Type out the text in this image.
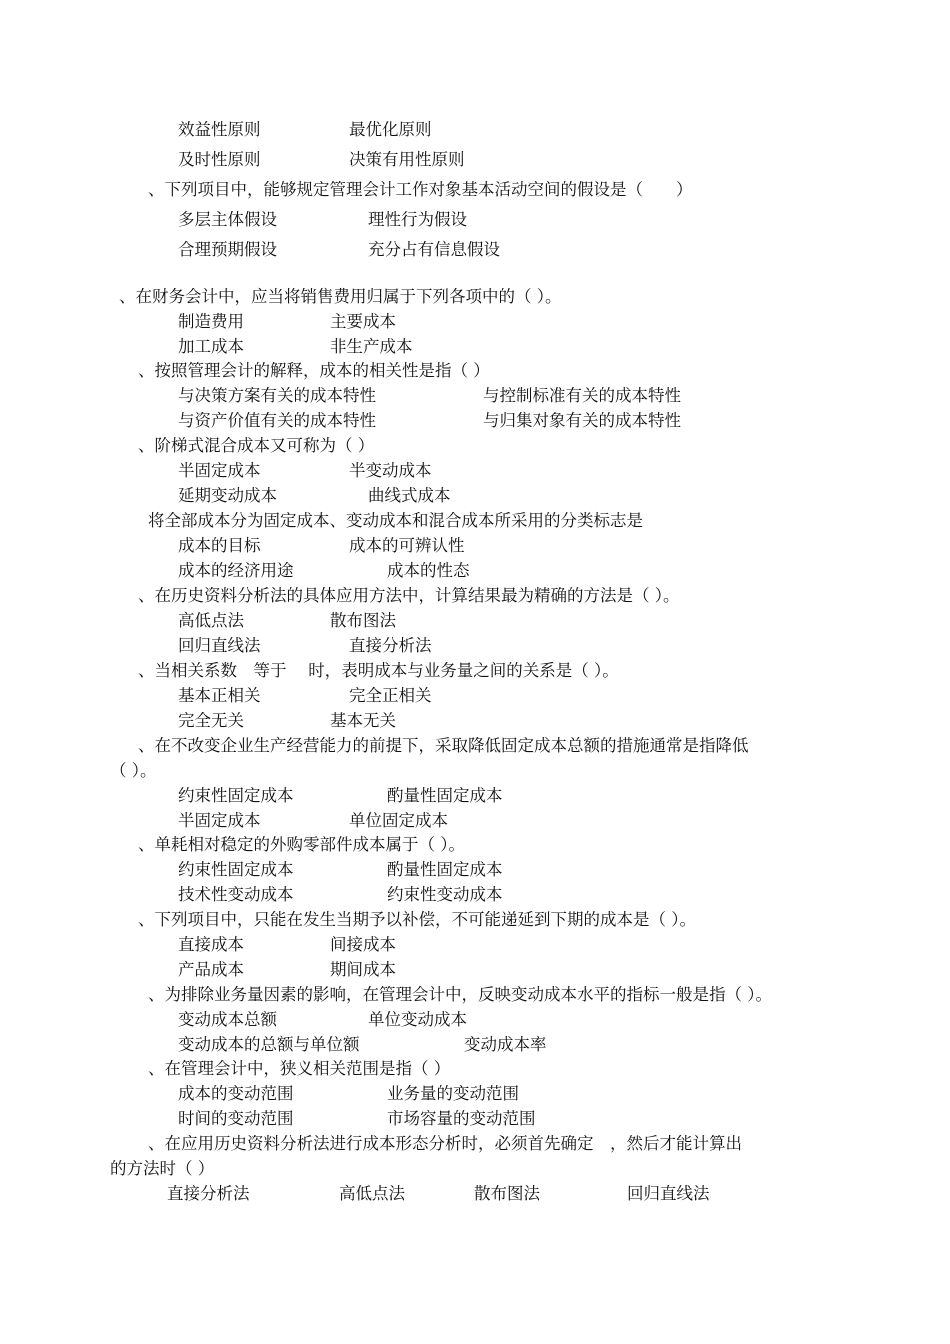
效益性原则	最优化原则
及时性原则	决策有用性原则
、下列项目中，能够规定管理会计工作对象基本活动空间的假设是（　　）
多层主体假设	理性行为假设
合理预期假设	充分占有信息假设
、在财务会计中，应当将销售费用归属于下列各项中的（ ）。
制造费用	主要成本
加工成本	非生产成本
、按照管理会计的解释，成本的相关性是指（ ）
与决策方案有关的成本特性	与控制标准有关的成本特性
与资产价值有关的成本特性	与归集对象有关的成本特性
、阶梯式混合成本又可称为（ ）
半固定成本	半变动成本
延期变动成本	曲线式成本
将全部成本分为固定成本、变动成本和混合成本所采用的分类标志是
成本的目标	成本的可辨认性
成本的经济用途	成本的性态
、在历史资料分析法的具体应用方法中，计算结果最为精确的方法是（ ）。
高低点法	散布图法
回归直线法	直接分析法
、当相关系数　等于　 时，表明成本与业务量之间的关系是（ ）。
基本正相关	完全正相关
完全无关	基本无关
、在不改变企业生产经营能力的前提下，采取降低固定成本总额的措施通常是指降低
（ ）。
约束性固定成本	酌量性固定成本
半固定成本	单位固定成本
、单耗相对稳定的外购零部件成本属于（ ）。
约束性固定成本	酌量性固定成本
技术性变动成本	约束性变动成本
、下列项目中，只能在发生当期予以补偿，不可能递延到下期的成本是（ ）。
直接成本	间接成本
产品成本	期间成本
、为排除业务量因素的影响，在管理会计中，反映变动成本水平的指标一般是指（ ）。
变动成本总额	单位变动成本
变动成本的总额与单位额	变动成本率
、在管理会计中，狭义相关范围是指（ ）
成本的变动范围	业务量的变动范围
时间的变动范围	市场容量的变动范围
、在应用历史资料分析法进行成本形态分析时，必须首先确定　，然后才能计算出
的方法时（ ）
直接分析法	高低点法	散布图法	回归直线法
